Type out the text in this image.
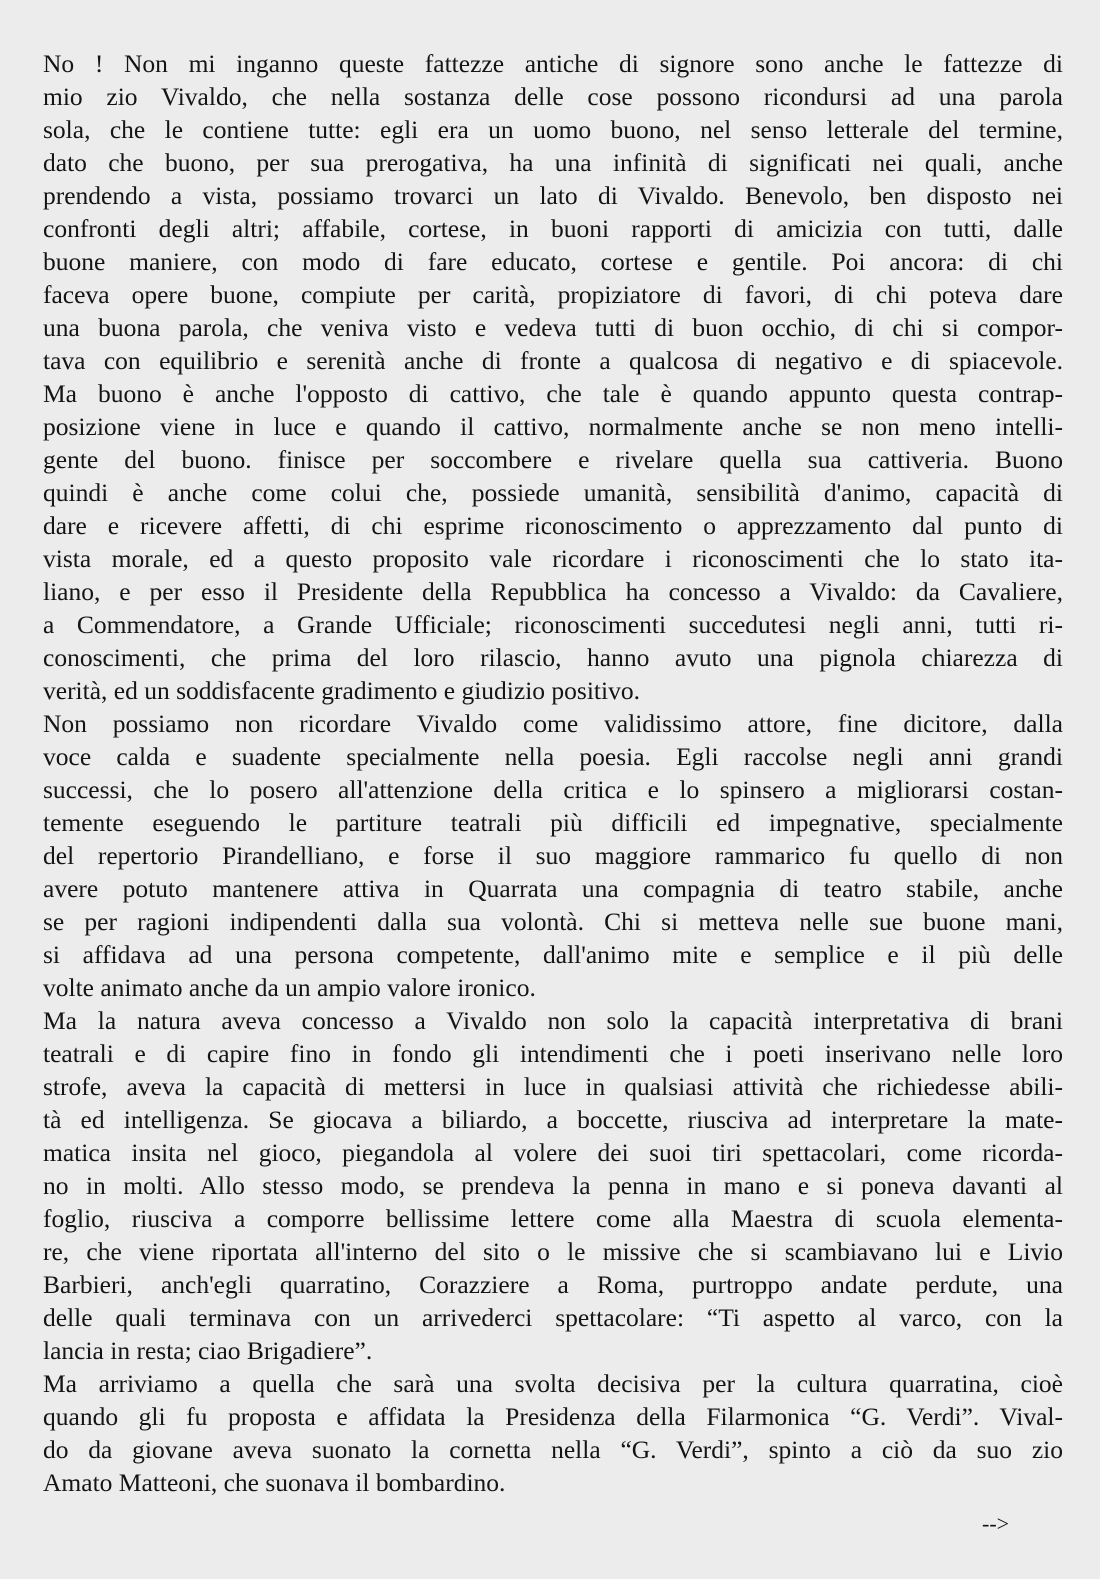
No ! Non mi inganno queste fattezze antiche di signore sono anche le fattezze di
mio zio Vivaldo, che nella sostanza delle cose possono ricondursi ad una parola
sola, che le contiene tutte: egli era un uomo buono, nel senso letterale del termine,
dato che buono, per sua prerogativa, ha una infinità di significati nei quali, anche
prendendo a vista, possiamo trovarci un lato di Vivaldo. Benevolo, ben disposto nei
confronti degli altri; affabile, cortese, in buoni rapporti di amicizia con tutti, dalle
buone maniere, con modo di fare educato, cortese e gentile. Poi ancora: di chi
faceva opere buone, compiute per carità, propiziatore di favori, di chi poteva dare
una buona parola, che veniva visto e vedeva tutti di buon occhio, di chi si compor-
tava con equilibrio e serenità anche di fronte a qualcosa di negativo e di spiacevole.
Ma buono è anche l'opposto di cattivo, che tale è quando appunto questa contrap-
posizione viene in luce e quando il cattivo, normalmente anche se non meno intelli-
gente del buono. finisce per soccombere e rivelare quella sua cattiveria. Buono
quindi è anche come colui che, possiede umanità, sensibilità d'animo, capacità di
dare e ricevere affetti, di chi esprime riconoscimento o apprezzamento dal punto di
vista morale, ed a questo proposito vale ricordare i riconoscimenti che lo stato ita-
liano, e per esso il Presidente della Repubblica ha concesso a Vivaldo: da Cavaliere,
a Commendatore, a Grande Ufficiale; riconoscimenti succedutesi negli anni, tutti ri-
conoscimenti, che prima del loro rilascio, hanno avuto una pignola chiarezza di
verità, ed un soddisfacente gradimento e giudizio positivo.
Non possiamo non ricordare Vivaldo come validissimo attore, fine dicitore, dalla
voce calda e suadente specialmente nella poesia. Egli raccolse negli anni grandi
successi, che lo posero all'attenzione della critica e lo spinsero a migliorarsi costan-
temente eseguendo le partiture teatrali più difficili ed impegnative, specialmente
del repertorio Pirandelliano, e forse il suo maggiore rammarico fu quello di non
avere potuto mantenere attiva in Quarrata una compagnia di teatro stabile, anche
se per ragioni indipendenti dalla sua volontà. Chi si metteva nelle sue buone mani,
si affidava ad una persona competente, dall'animo mite e semplice e il più delle
volte animato anche da un ampio valore ironico.
Ma la natura aveva concesso a Vivaldo non solo la capacità interpretativa di brani
teatrali e di capire fino in fondo gli intendimenti che i poeti inserivano nelle loro
strofe, aveva la capacità di mettersi in luce in qualsiasi attività che richiedesse abili-
tà ed intelligenza. Se giocava a biliardo, a boccette, riusciva ad interpretare la mate-
matica insita nel gioco, piegandola al volere dei suoi tiri spettacolari, come ricorda-
no in molti. Allo stesso modo, se prendeva la penna in mano e si poneva davanti al
foglio, riusciva a comporre bellissime lettere come alla Maestra di scuola elementa-
re, che viene riportata all'interno del sito o le missive che si scambiavano lui e Livio
Barbieri, anch'egli quarratino, Corazziere a Roma, purtroppo andate perdute, una
delle quali terminava con un arrivederci spettacolare: “Ti aspetto al varco, con la
lancia in resta; ciao Brigadiere”.
Ma arriviamo a quella che sarà una svolta decisiva per la cultura quarratina, cioè
quando gli fu proposta e affidata la Presidenza della Filarmonica “G. Verdi”. Vival-
do da giovane aveva suonato la cornetta nella “G. Verdi”, spinto a ciò da suo zio
Amato Matteoni, che suonava il bombardino.
-->
